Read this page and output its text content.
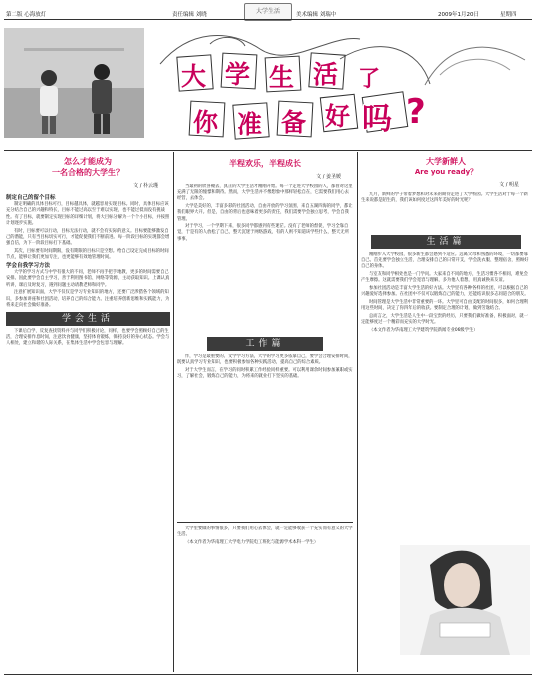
第二版 心海放灯	责任编辑 刘晓	大学生活	美术编辑 刘瑞中	2009年1月20日	星期四
大 学 生 活
你 准 备 好
了
吗 ?
怎么才能成为
一名合格的大学生？
文 / 朴云瑾
制定自己的留个目标

制定明确的具体目标可行，目标越具体，就越容易实现目标。同时，具体目标应该充分结合自己的兴趣和特长，目标不能过高以至于难以实现，也不能过低而没有挑战性。有了目标，就要制定实现目标的详细计划，将大目标分解为一个个小目标，并按照计划逐步实施。

有时，目标要可以行动，目标无法行动，就不会有实际的意义。目标要能够激发自己的潜能，只有当目标切实可行，才能促使我们不断前进。每一阶段目标的实现都会增强自信，为下一阶段目标打下基础。

其次，目标要有时间期限，没有期限的目标只是空想。给自己设定完成目标的时间节点，能够让我们更加专注，也更能够有效地管理时间。

学会自我学习方法

大学的学习方式与中学有很大的不同，老师不再手把手地教，更多的时间需要自己安排。因此要学会自主学习，善于利用图书馆、网络等资源，主动获取知识。上课认真听讲，课后及时复习，遇到问题主动请教老师和同学。

注意扩展知识面，大学不仅仅是学习专业知识的地方，还要广泛涉猎各个领域的知识，多参加讲座和社团活动，培养自己的综合能力。注重培养创新思维和实践能力，为将来走向社会做好准备。

学会生活

下课后自学、反复查找资料并与同学们积极讨论，同样，也要学会照顾好自己的生活，合理安排作息时间，注意饮食健康，坚持体育锻炼，保持良好的身心状态。学会与人相处，建立和谐的人际关系，在集体生活中学会包容与理解。

半程欢乐，半程成长
文 / 姜圣媛

当最初的欣喜褪去，真正的大学生活才刚刚开始。每一个走进大学校园的人，都曾对这里充满了无限的憧憬和期待。然而，大学生活并不像想象中那样轻松自在，它需要我们用心去经营，去体会。

大学是美好的，丰富多彩的社团活动、自由开放的学习氛围、来自五湖四海的同学，都让我们眼界大开。但是，自由的背后也意味着更多的责任，我们需要学会独立思考，学会自我管理。

对于学习，一个学期下来，很多同学都感到有些迷茫。没有了老师的督促，学习全靠自觉，于是有的人放松了自己，整天沉迷于网络游戏，有的人则不知道该学些什么，整天无所事事。

工作篇

作，学习是最重要的。文学学习方法，大学的学习更多依靠自己，要学会合理安排时间，既要认真学习专业知识，也要积极参加各种实践活动，提高自己的综合素质。

对于大学生而言，在学习的同时积累工作经验同样重要。可以利用课余时间参加兼职或实习，了解社会，锻炼自己的能力，为将来的就业打下坚实的基础。

大学里要做的事情很多，只要我们用心去体会，就一定能够收获一个充实而有意义的大学生活。

（本文作者为华南理工大学电力学院电工班化与能源学术本科一学生）

大学新鲜人
Are you ready？
文 / 明星

九月，新鲜的学子带着梦想和对未来的期待走进了大学校园。大学生活对于每一个新生来说都是陌生的，我们该如何度过这四年美好的时光呢？

生活篇

刚刚步入大学校园，很多新生都会感到不适应。远离父母和熟悉的环境，一切都要靠自己。首先要学会独立生活，合理安排自己的日常开支，学会洗衣服、整理宿舍，照顾好自己的身体。

与室友和同学相处也是一门学问。大家来自不同的地方，生活习惯各不相同，难免会产生摩擦。这就需要我们学会宽容与理解，多为他人着想，用真诚换来友谊。

参加社团活动是丰富大学生活的好方法。大学里有各种各样的社团，可以根据自己的兴趣爱好选择参加。在社团中不仅可以锻炼自己的能力，还能结识很多志同道合的朋友。

时间管理是大学生活中非常重要的一环。大学里可自由支配的时间很多，如何合理利用这些时间，决定了你四年后的收获。要制定合理的计划，做到劳逸结合。

总而言之，大学生活是人生中一段宝贵的经历，只要我们做好准备，积极面对，就一定能够度过一个精彩而充实的大学时光。

（本文作者为华南理工大学建筑学院新闻专业06级学生）
